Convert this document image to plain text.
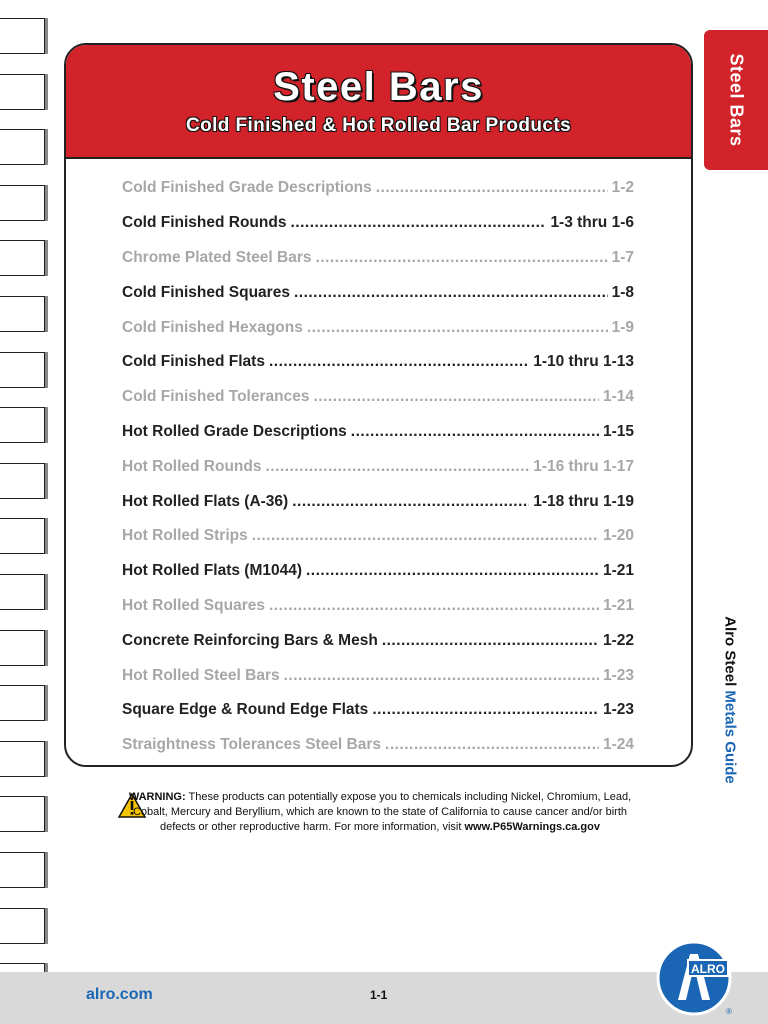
Steel Bars
Alro Steel Metals Guide
Steel Bars
Cold Finished & Hot Rolled Bar Products
Cold Finished Grade Descriptions .....	1-2
Cold Finished Rounds .....	1-3 thru 1-6
Chrome Plated Steel Bars .....	1-7
Cold Finished Squares .....	1-8
Cold Finished Hexagons .....	1-9
Cold Finished Flats .....	1-10 thru 1-13
Cold Finished Tolerances .....	1-14
Hot Rolled Grade Descriptions .....	1-15
Hot Rolled Rounds .....	1-16 thru 1-17
Hot Rolled Flats (A-36) .....	1-18 thru 1-19
Hot Rolled Strips .....	1-20
Hot Rolled Flats (M1044) .....	1-21
Hot Rolled Squares .....	1-21
Concrete Reinforcing Bars & Mesh .....	1-22
Hot Rolled Steel Bars .....	1-23
Square Edge & Round Edge Flats .....	1-23
Straightness Tolerances Steel Bars .....	1-24
WARNING: These products can potentially expose you to chemicals including Nickel, Chromium, Lead, Cobalt, Mercury and Beryllium, which are known to the state of California to cause cancer and/or birth defects or other reproductive harm. For more information, visit www.P65Warnings.ca.gov
alro.com	1-1
ALRO
®
